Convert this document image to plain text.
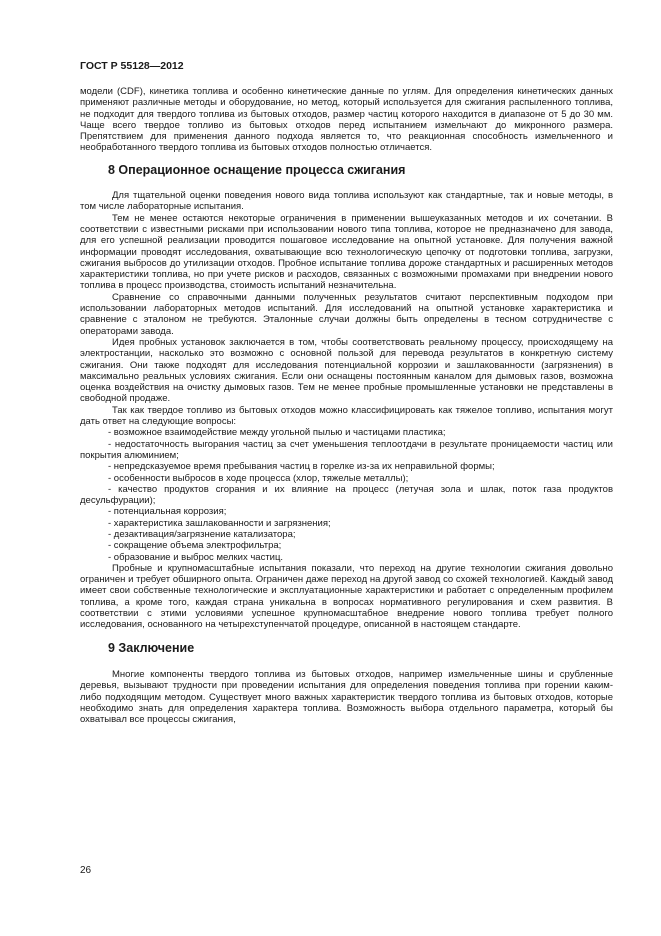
ГОСТ Р 55128—2012

модели (CDF), кинетика топлива и особенно кинетические данные по углям. Для определения кинетических данных применяют различные методы и оборудование, но метод, который используется для сжигания распыленного топлива, не подходит для твердого топлива из бытовых отходов, размер частиц которого находится в диапазоне от 5 до 30 мм. Чаще всего твердое топливо из бытовых отходов перед испытанием измельчают до микронного размера. Препятствием для применения данного подхода является то, что реакционная способность измельченного и необработанного твердого топлива из бытовых отходов полностью отличается.

8 Операционное оснащение процесса сжигания

Для тщательной оценки поведения нового вида топлива используют как стандартные, так и новые методы, в том числе лабораторные испытания.

Тем не менее остаются некоторые ограничения в применении вышеуказанных методов и их сочетании. В соответствии с известными рисками при использовании нового типа топлива, которое не предназначено для завода, для его успешной реализации проводится пошаговое исследование на опытной установке. Для получения важной информации проводят исследования, охватывающие всю технологическую цепочку от подготовки топлива, загрузки, сжигания выбросов до утилизации отходов. Пробное испытание топлива дороже стандартных и расширенных методов характеристики топлива, но при учете рисков и расходов, связанных с возможными промахами при внедрении нового топлива в процесс производства, стоимость испытаний незначительна.

Сравнение со справочными данными полученных результатов считают перспективным подходом при использовании лабораторных методов испытаний. Для исследований на опытной установке характеристика и сравнение с эталоном не требуются. Эталонные случаи должны быть определены в тесном сотрудничестве с операторами завода.

Идея пробных установок заключается в том, чтобы соответствовать реальному процессу, происходящему на электростанции, насколько это возможно с основной пользой для перевода результатов в конкретную систему сжигания. Они также подходят для исследования потенциальной коррозии и зашлакованности (загрязнения) в максимально реальных условиях сжигания. Если они оснащены постоянным каналом для дымовых газов, возможна оценка воздействия на очистку дымовых газов. Тем не менее пробные промышленные установки не представлены в свободной продаже.

Так как твердое топливо из бытовых отходов можно классифицировать как тяжелое топливо, испытания могут дать ответ на следующие вопросы:

- возможное взаимодействие между угольной пылью и частицами пластика;

- недостаточность выгорания частиц за счет уменьшения теплоотдачи в результате проницаемости частиц или покрытия алюминием;

- непредсказуемое время пребывания частиц в горелке из-за их неправильной формы;

- особенности выбросов в ходе процесса (хлор, тяжелые металлы);

- качество продуктов сгорания и их влияние на процесс (летучая зола и шлак, поток газа продуктов десульфурации);

- потенциальная коррозия;

- характеристика зашлакованности и загрязнения;

- дезактивация/загрязнение катализатора;

- сокращение объема электрофильтра;

- образование и выброс мелких частиц.

Пробные и крупномасштабные испытания показали, что переход на другие технологии сжигания довольно ограничен и требует обширного опыта. Ограничен даже переход на другой завод со схожей технологией. Каждый завод имеет свои собственные технологические и эксплуатационные характеристики и работает с определенным профилем топлива, а кроме того, каждая страна уникальна в вопросах нормативного регулирования и схем развития. В соответствии с этими условиями успешное крупномасштабное внедрение нового топлива требует полного исследования, основанного на четырехступенчатой процедуре, описанной в настоящем стандарте.

9 Заключение

Многие компоненты твердого топлива из бытовых отходов, например измельченные шины и срубленные деревья, вызывают трудности при проведении испытания для определения поведения топлива при горении каким-либо подходящим методом. Существует много важных характеристик твердого топлива из бытовых отходов, которые необходимо знать для определения характера топлива. Возможность выбора отдельного параметра, который бы охватывал все процессы сжигания,

26
